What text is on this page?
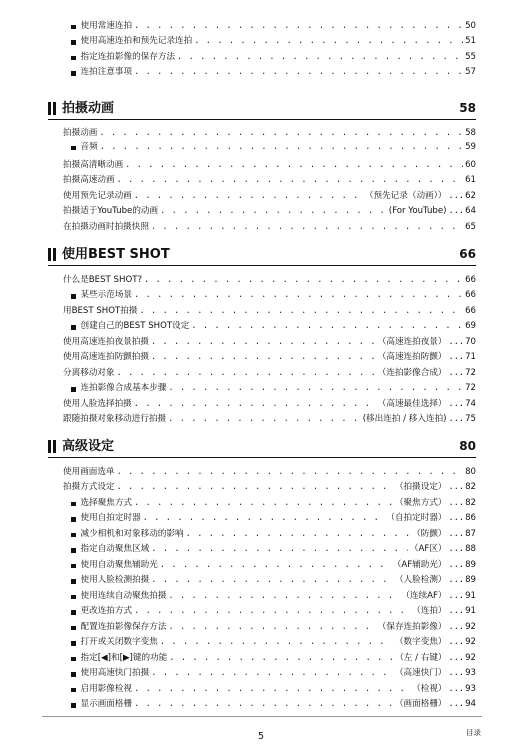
使用常速连拍 . . .	50
使用高速连拍和预先记录连拍 . . .	51
指定连拍影像的保存方法 . . .	55
连拍注意事项 . . .	57
拍摄动画	58
拍摄动画 . . .	58
音频 . . .	59
拍摄高清晰动画 . . .	60
拍摄高速动画 . . .	61
使用预先记录动画 . . .	（预先记录（动画）） ... 62
拍摄适于YouTube的动画 . . .	(For YouTube) ... 64
在拍摄动画时拍摄快照 . . .	65
使用BEST SHOT	66
什么是BEST SHOT? . . .	66
某些示范场景 . . .	66
用BEST SHOT拍摄 . . .	66
创建自己的BEST SHOT设定 . . .	69
使用高速连拍夜景拍摄 . . .	（高速连拍夜景） ... 70
使用高速连拍防颤拍摄 . . .	（高速连拍防颤） ... 71
分离移动对象 . . .	（连拍影像合成） ... 72
连拍影像合成基本步骤 . . .	72
使用人脸选择拍摄 . . .	（高速最佳选择） ... 74
跟随拍摄对象移动进行拍摄 . . .	(移出连拍 / 移入连拍) ... 75
高级设定	80
使用画面选单 . . .	80
拍摄方式设定 . . .	（拍摄设定） ... 82
选择聚焦方式 . . .	（聚焦方式） ... 82
使用自拍定时器 . . .	（自拍定时器） ... 86
减少相机和对象移动的影响 . . .	（防颤） ... 87
指定自动聚焦区域 . . .	（AF区） ... 88
使用自动聚焦辅助光 . . .	（AF辅助光） ... 89
使用人脸检测拍摄 . . .	（人脸检测） ... 89
使用连续自动聚焦拍摄 . . .	（连续AF） ... 91
更改连拍方式 . . .	（连拍） ... 91
配置连拍影像保存方法 . . .	（保存连拍影像） ... 92
打开或关闭数字变焦 . . .	（数字变焦） ... 92
指定[◀]和[▶]键的功能 . . .	（左 / 右键） ... 92
使用高速快门拍摄 . . .	（高速快门） ... 93
启用影像检视 . . .	（检视） ... 93
显示画面格栅 . . .	（画面格栅） ... 94
5	目录
